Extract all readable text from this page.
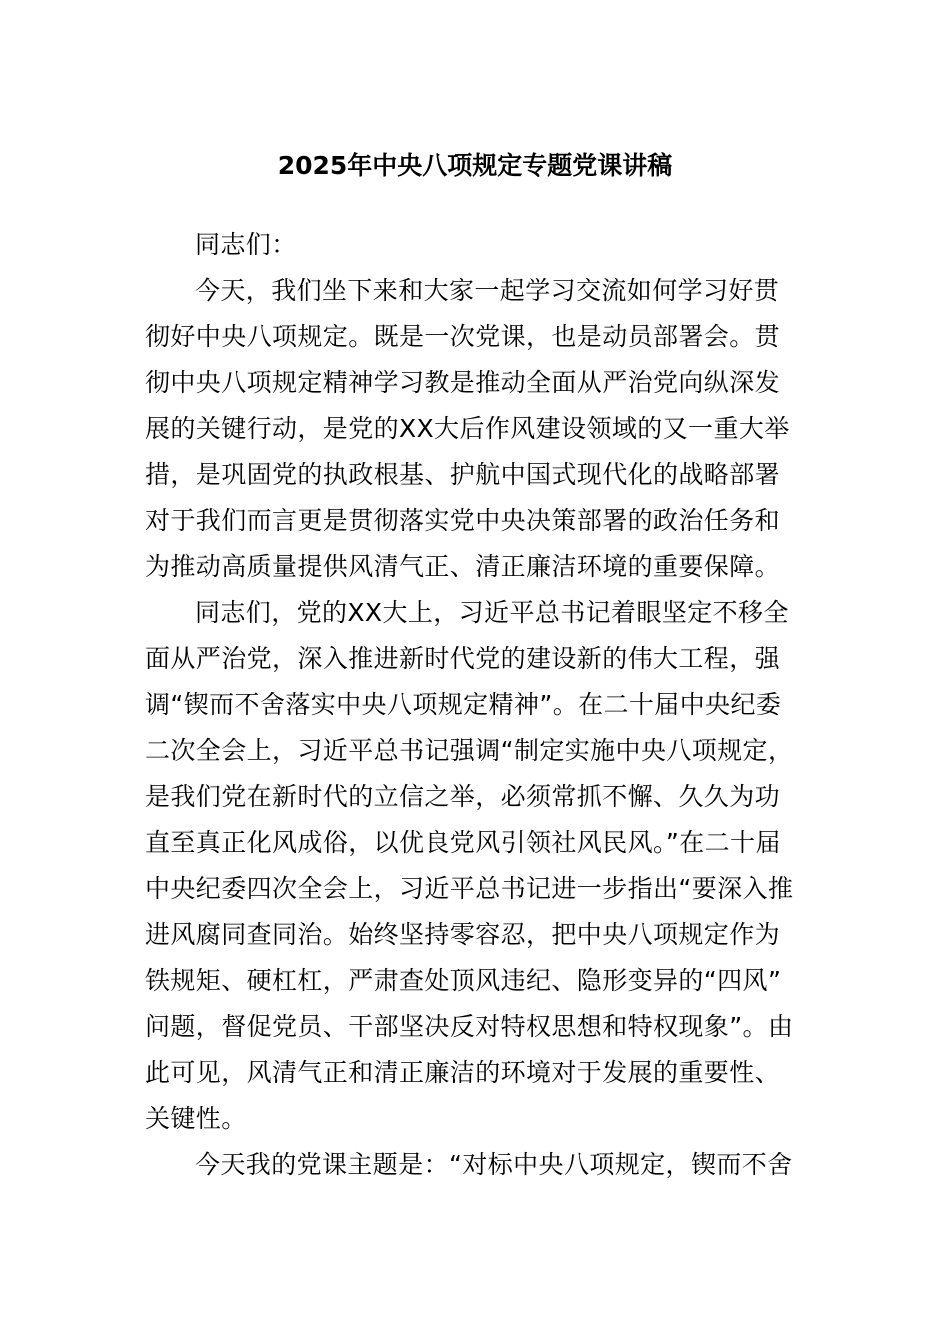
2025年中央八项规定专题党课讲稿
同志们：
今天，我们坐下来和大家一起学习交流如何学习好贯
彻好中央八项规定。既是一次党课，也是动员部署会。贯
彻中央八项规定精神学习教是推动全面从严治党向纵深发
展的关键行动，是党的XX大后作风建设领域的又一重大举
措，是巩固党的执政根基、护航中国式现代化的战略部署
对于我们而言更是贯彻落实党中央决策部署的政治任务和
为推动高质量提供风清气正、清正廉洁环境的重要保障。
同志们，党的XX大上，习近平总书记着眼坚定不移全
面从严治党，深入推进新时代党的建设新的伟大工程，强
调“锲而不舍落实中央八项规定精神”。在二十届中央纪委
二次全会上，习近平总书记强调“制定实施中央八项规定，
是我们党在新时代的立信之举，必须常抓不懈、久久为功
直至真正化风成俗，以优良党风引领社风民风。”在二十届
中央纪委四次全会上，习近平总书记进一步指出“要深入推
进风腐同查同治。始终坚持零容忍，把中央八项规定作为
铁规矩、硬杠杠，严肃查处顶风违纪、隐形变异的“四风”
问题，督促党员、干部坚决反对特权思想和特权现象”。由
此可见，风清气正和清正廉洁的环境对于发展的重要性、
关键性。
今天我的党课主题是：“对标中央八项规定，锲而不舍
